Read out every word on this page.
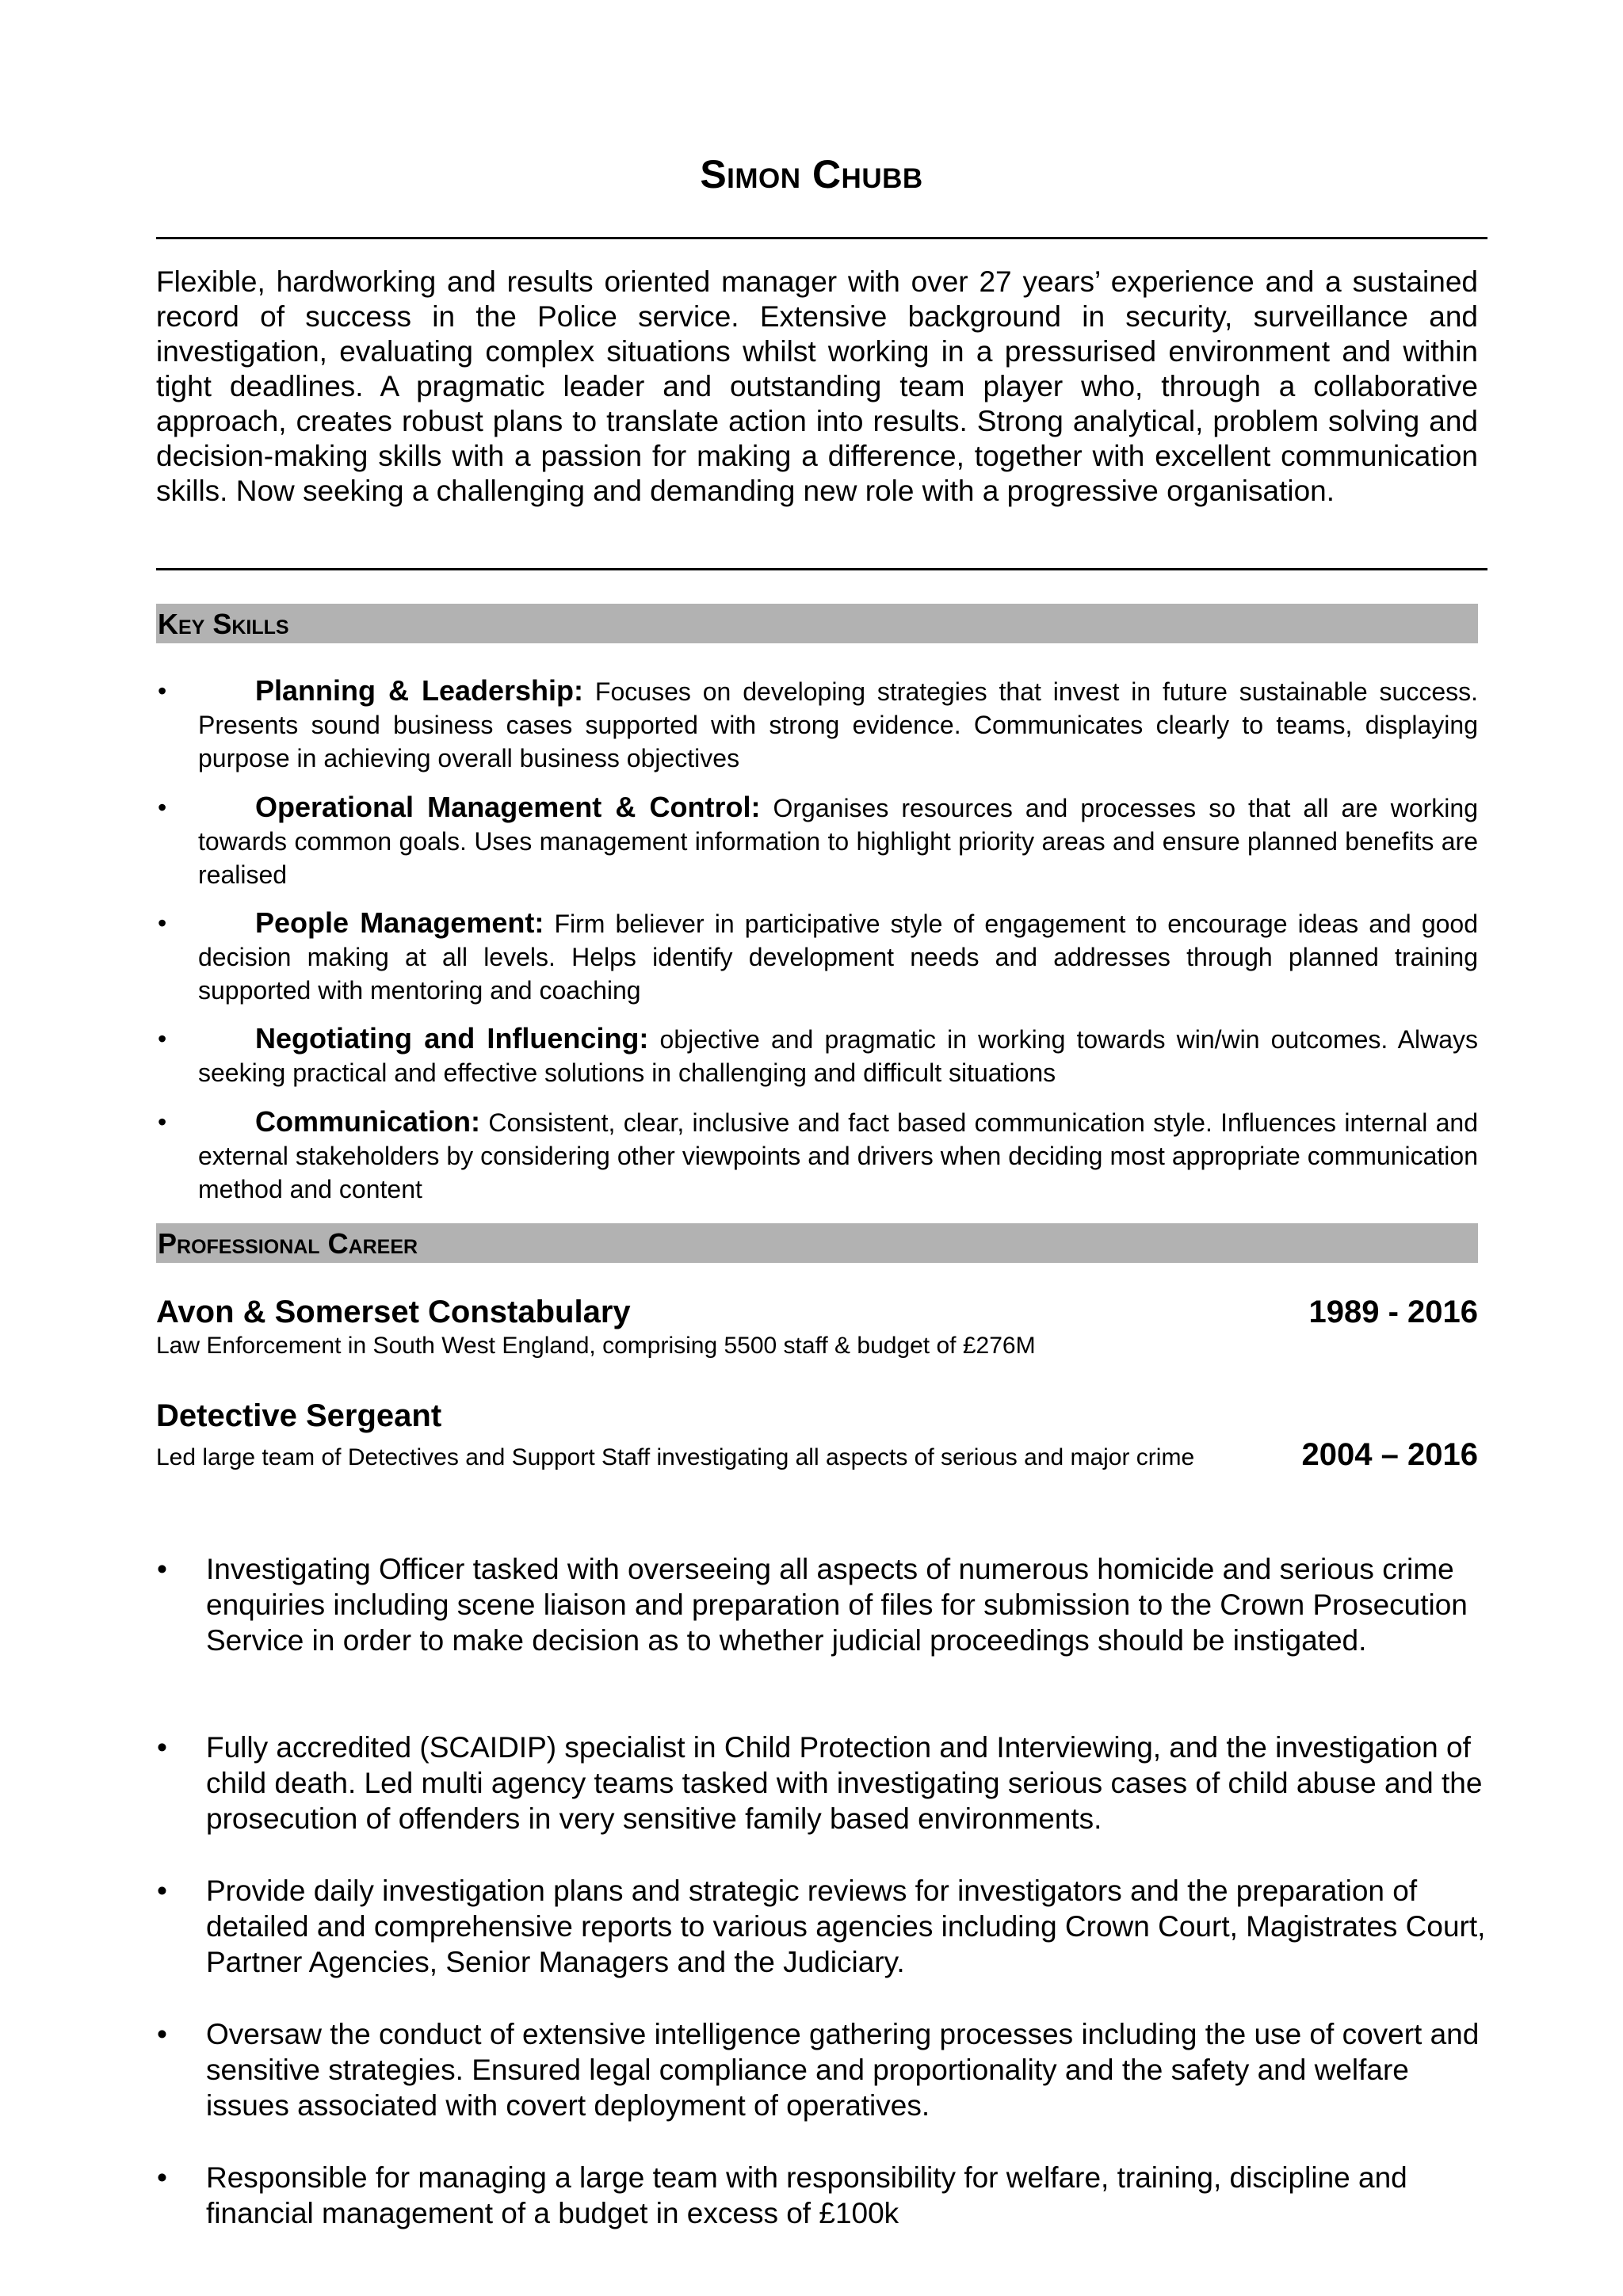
Simon Chubb
Flexible, hardworking and results oriented manager with over 27 years’ experience and a sustained record of success in the Police service. Extensive background in security, surveillance and investigation, evaluating complex situations whilst working in a pressurised environment and within tight deadlines. A pragmatic leader and outstanding team player who, through a collaborative approach, creates robust plans to translate action into results. Strong analytical, problem solving and decision-making skills with a passion for making a difference, together with excellent communication skills. Now seeking a challenging and demanding new role with a progressive organisation.
Key Skills
•	Planning & Leadership: Focuses on developing strategies that invest in future sustainable success. Presents sound business cases supported with strong evidence. Communicates clearly to teams, displaying purpose in achieving overall business objectives
•	Operational Management & Control: Organises resources and processes so that all are working towards common goals. Uses management information to highlight priority areas and ensure planned benefits are realised
•	People Management: Firm believer in participative style of engagement to encourage ideas and good decision making at all levels. Helps identify development needs and addresses through planned training supported with mentoring and coaching
•	Negotiating and Influencing: objective and pragmatic in working towards win/win outcomes. Always seeking practical and effective solutions in challenging and difficult situations
•	Communication: Consistent, clear, inclusive and fact based communication style. Influences internal and external stakeholders by considering other viewpoints and drivers when deciding most appropriate communication method and content
Professional Career
Avon & Somerset Constabulary	1989 - 2016
Law Enforcement in South West England, comprising 5500 staff & budget of £276M
Detective Sergeant
Led large team of Detectives and Support Staff investigating all aspects of serious and major crime	2004 – 2016
• Investigating Officer tasked with overseeing all aspects of numerous homicide and serious crime enquiries including scene liaison and preparation of files for submission to the Crown Prosecution Service in order to make decision as to whether judicial proceedings should be instigated.
• Fully accredited (SCAIDIP) specialist in Child Protection and Interviewing, and the investigation of child death. Led multi agency teams tasked with investigating serious cases of child abuse and the prosecution of offenders in very sensitive family based environments.
• Provide daily investigation plans and strategic reviews for investigators and the preparation of detailed and comprehensive reports to various agencies including Crown Court, Magistrates Court, Partner Agencies, Senior Managers and the Judiciary.
• Oversaw the conduct of extensive intelligence gathering processes including the use of covert and sensitive strategies. Ensured legal compliance and proportionality and the safety and welfare issues associated with covert deployment of operatives.
• Responsible for managing a large team with responsibility for welfare, training, discipline and financial management of a budget in excess of £100k
